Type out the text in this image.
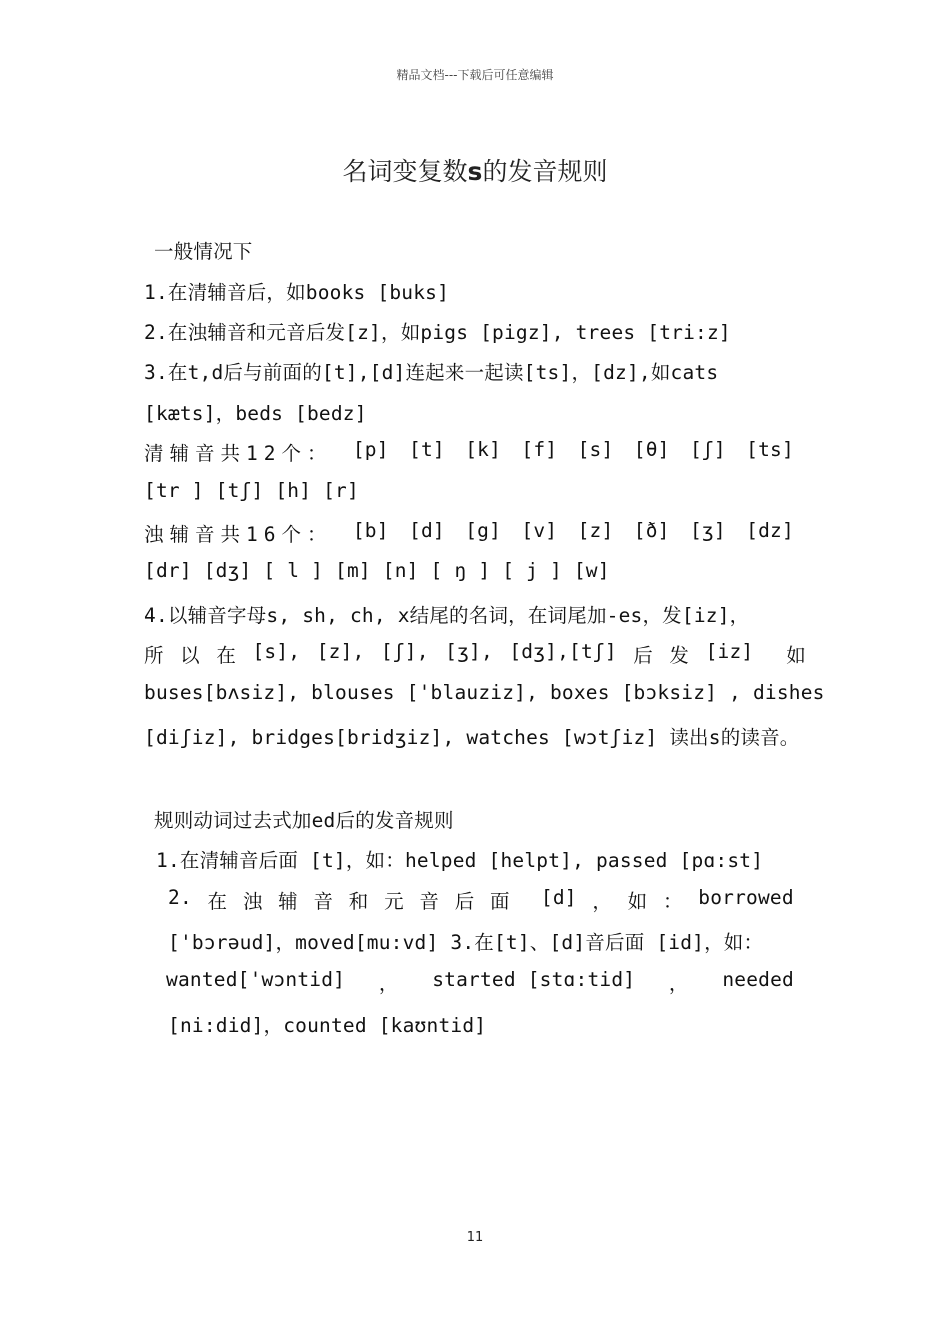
精品文档---下载后可任意编辑
名词变复数s的发音规则
一般情况下
1.在清辅音后，如books [buks]
2.在浊辅音和元音后发[z]，如pigs [pigz], trees [tri:z]
3.在t,d后与前面的[t],[d]连起来一起读[ts]，[dz],如cats
[kæts]，beds [bedz]
清辅音共12个： [p] [t] [k] [f] [s] [θ] [ʃ] [ts]
[tr ] [tʃ] [h] [r]
浊辅音共16个： [b] [d] [g] [v] [z] [ð] [ʒ] [dz]
[dr] [dʒ] [ l ] [m] [n] [ ŋ ] [ j ] [w]
4.以辅音字母s, sh, ch, x结尾的名词，在词尾加-es，发[iz]，
所 以 在 [s], [z], [ʃ], [ʒ], [dʒ],[tʃ] 后 发 [iz] 如
buses[bʌsiz], blouses ['blauziz], boxes [bɔksiz] , dishes
[diʃiz], bridges[bridʒiz], watches [wɔtʃiz] 读出s的读音。
规则动词过去式加ed后的发音规则
1.在清辅音后面 [t]，如：helped [helpt], passed [pɑ:st]
2. 在 浊 辅 音 和 元 音 后 面 [d] ， 如 ： borrowed
['bɔrəud]，moved[mu:vd] 3.在[t]、[d]音后面 [id]，如：
wanted['wɔntid] ， started [stɑ:tid] ， needed
[ni:did]，counted [kaʊntid]
11
